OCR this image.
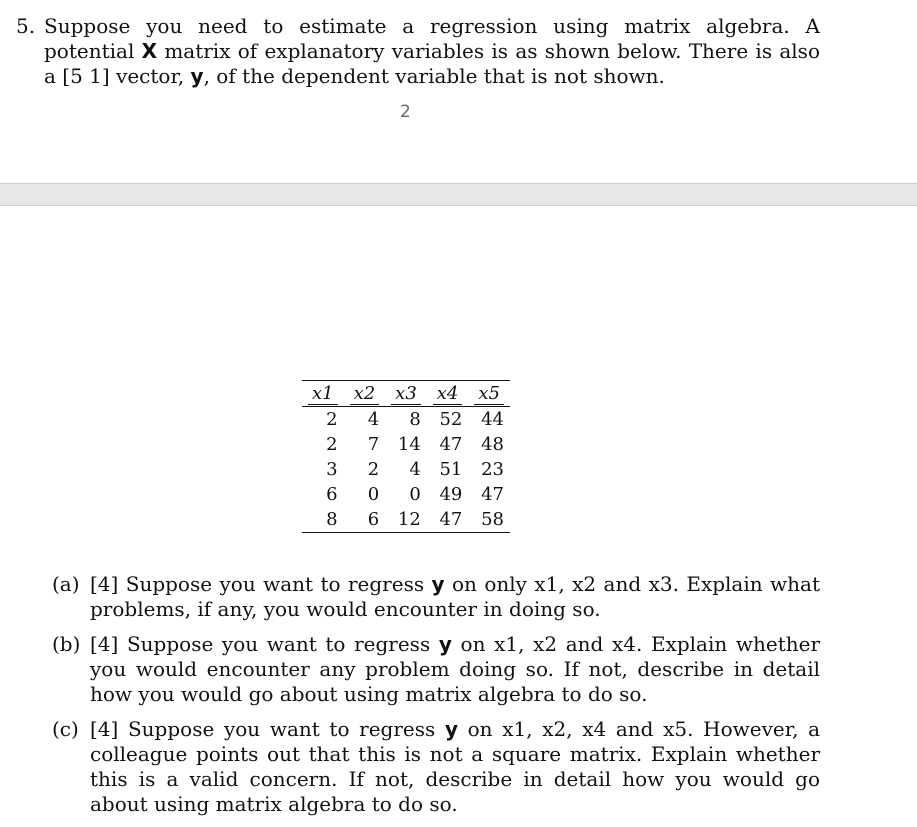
5. Suppose you need to estimate a regression using matrix algebra. A potential X matrix of explanatory variables is as shown below. There is also a [5 1] vector, y, of the dependent variable that is not shown.
2
x1	x2	x3	x4	x5
2	4	8	52	44
2	7	14	47	48
3	2	4	51	23
6	0	0	49	47
8	6	12	47	58
(a) [4] Suppose you want to regress y on only x1, x2 and x3. Explain what problems, if any, you would encounter in doing so.
(b) [4] Suppose you want to regress y on x1, x2 and x4. Explain whether you would encounter any problem doing so. If not, describe in detail how you would go about using matrix algebra to do so.
(c) [4] Suppose you want to regress y on x1, x2, x4 and x5. However, a colleague points out that this is not a square matrix. Explain whether this is a valid concern. If not, describe in detail how you would go about using matrix algebra to do so.
